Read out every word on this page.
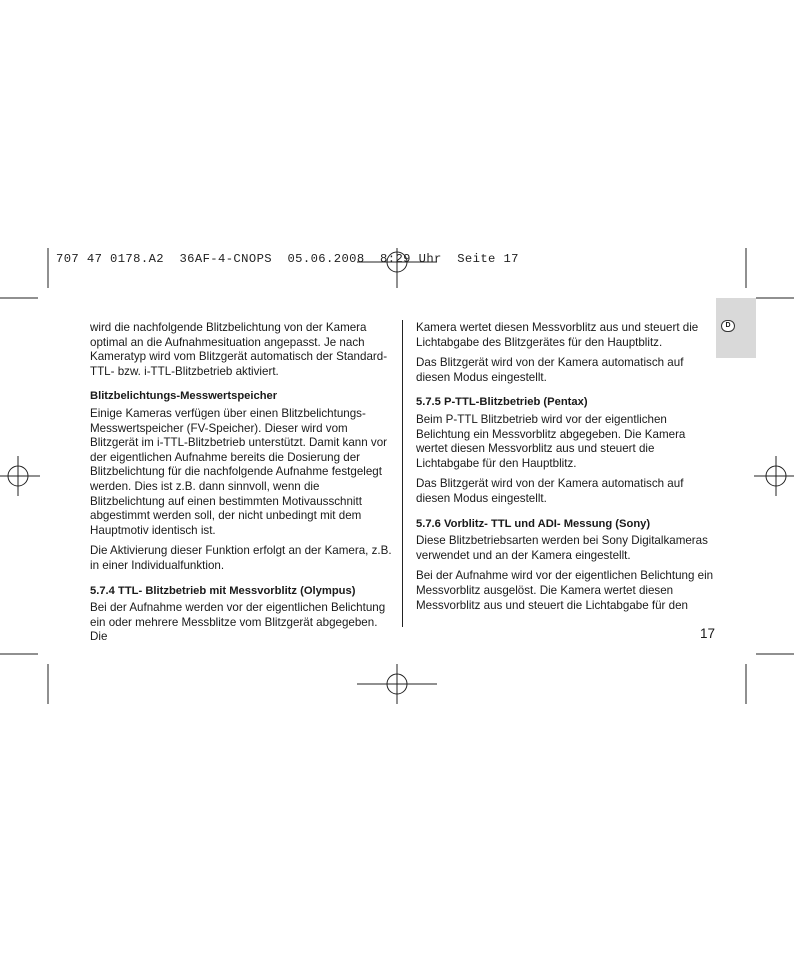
707 47 0178.A2 36AF-4-CNOPS 05.06.2008 8:29 Uhr Seite 17
D

wird die nachfolgende Blitzbelichtung von der Kamera optimal an die Aufnahmesituation angepasst. Je nach Kameratyp wird vom Blitzgerät automatisch der Standard-TTL- bzw. i-TTL-Blitzbetrieb aktiviert.

Blitzbelichtungs-Messwertspeicher

Einige Kameras verfügen über einen Blitzbelichtungs-Messwertspeicher (FV-Speicher). Dieser wird vom Blitzgerät im i-TTL-Blitzbetrieb unterstützt. Damit kann vor der eigentlichen Aufnahme bereits die Dosierung der Blitzbelichtung für die nachfolgende Aufnahme festgelegt werden. Dies ist z.B. dann sinnvoll, wenn die Blitzbelichtung auf einen bestimmten Motivausschnitt abgestimmt werden soll, der nicht unbedingt mit dem Hauptmotiv identisch ist.

Die Aktivierung dieser Funktion erfolgt an der Kamera, z.B. in einer Individualfunktion.

5.7.4 TTL- Blitzbetrieb mit Messvorblitz (Olympus)

Bei der Aufnahme werden vor der eigentlichen Belichtung ein oder mehrere Messblitze vom Blitzgerät abgegeben. Die

Kamera wertet diesen Messvorblitz aus und steuert die Lichtabgabe des Blitzgerätes für den Hauptblitz.

Das Blitzgerät wird von der Kamera automatisch auf diesen Modus eingestellt.

5.7.5 P-TTL-Blitzbetrieb (Pentax)

Beim P-TTL Blitzbetrieb wird vor der eigentlichen Belichtung ein Messvorblitz abgegeben. Die Kamera wertet diesen Messvorblitz aus und steuert die Lichtabgabe für den Hauptblitz.

Das Blitzgerät wird von der Kamera automatisch auf diesen Modus eingestellt.

5.7.6 Vorblitz- TTL und ADI- Messung (Sony)

Diese Blitzbetriebsarten werden bei Sony Digitalkameras verwendet und an der Kamera eingestellt.

Bei der Aufnahme wird vor der eigentlichen Belichtung ein Messvorblitz ausgelöst. Die Kamera wertet diesen Messvorblitz aus und steuert die Lichtabgabe für den

17
